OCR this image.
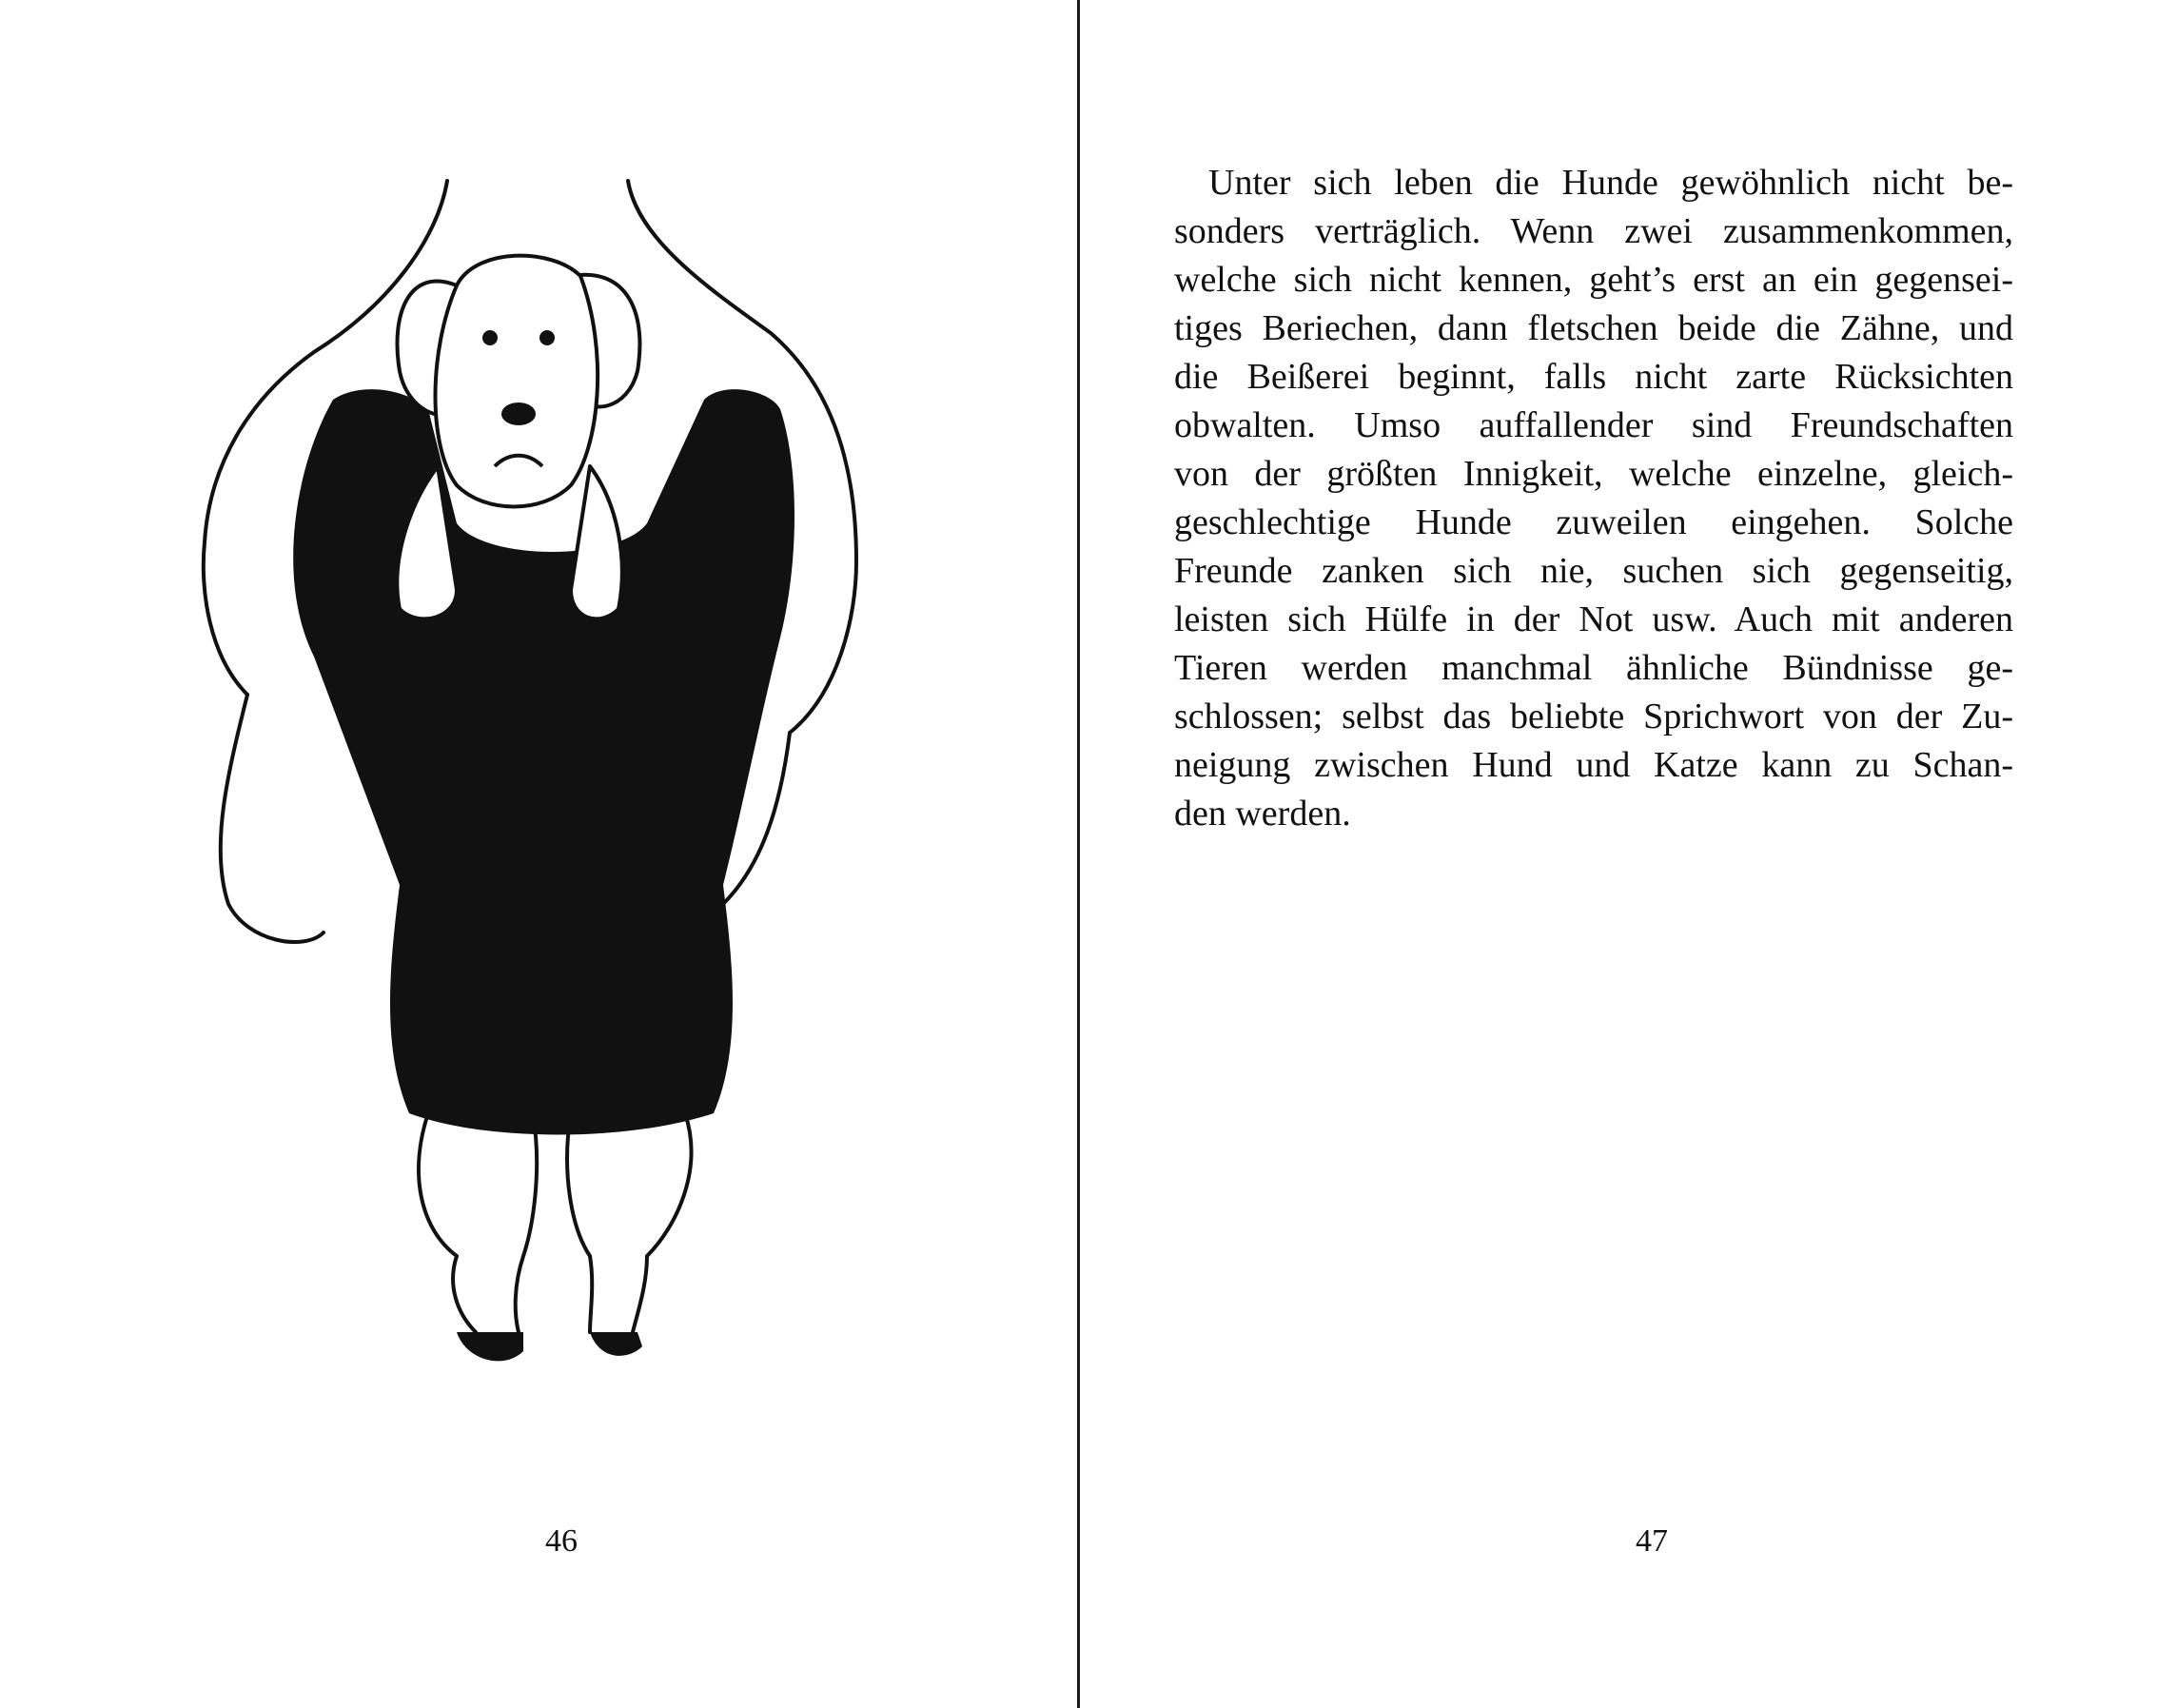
46

Unter sich leben die Hunde gewöhnlich nicht be-

sonders verträglich. Wenn zwei zusammenkommen,

welche sich nicht kennen, geht’s erst an ein gegensei-

tiges Beriechen, dann fletschen beide die Zähne, und

die Beißerei beginnt, falls nicht zarte Rücksichten

obwalten. Umso auffallender sind Freundschaften

von der größten Innigkeit, welche einzelne, gleich-

geschlechtige Hunde zuweilen eingehen. Solche

Freunde zanken sich nie, suchen sich gegenseitig,

leisten sich Hülfe in der Not usw. Auch mit anderen

Tieren werden manchmal ähnliche Bündnisse ge-

schlossen; selbst das beliebte Sprichwort von der Zu-

neigung zwischen Hund und Katze kann zu Schan-

den werden.

47
